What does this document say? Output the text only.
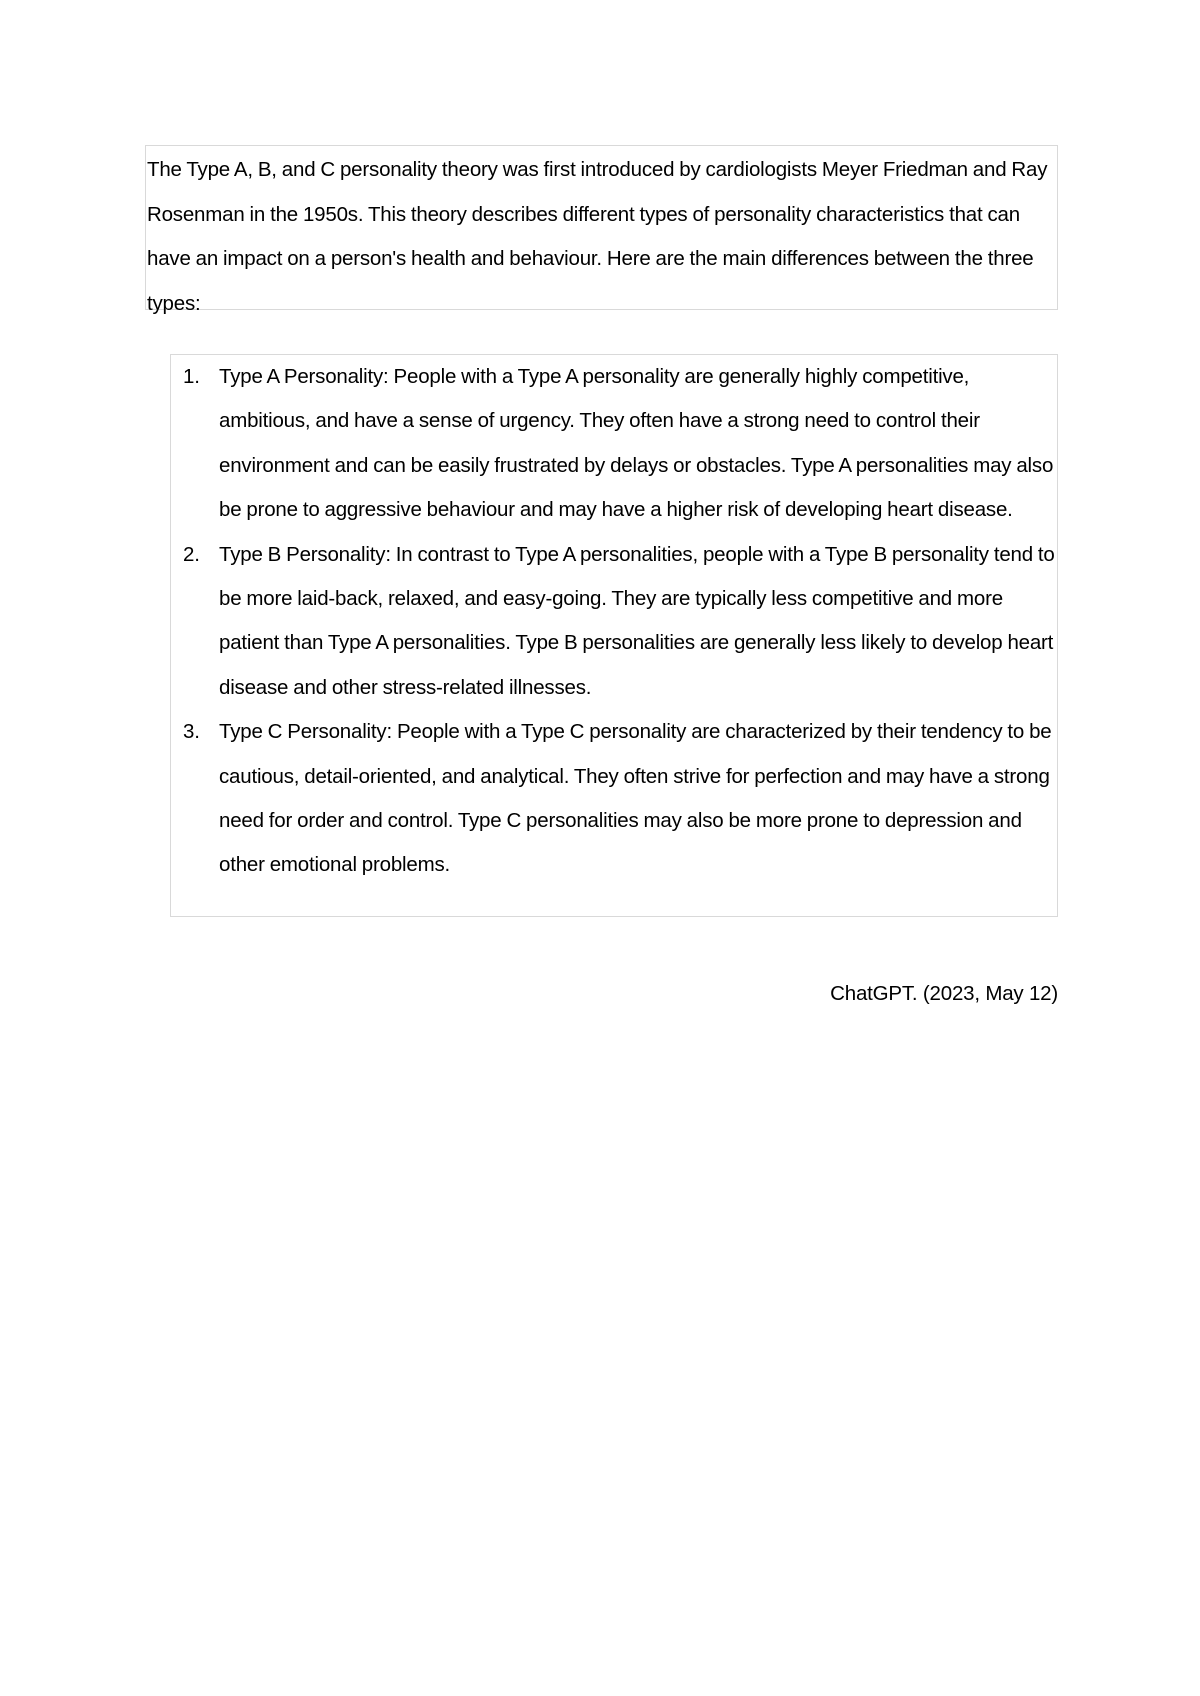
The Type A, B, and C personality theory was first introduced by cardiologists Meyer Friedman and Ray Rosenman in the 1950s. This theory describes different types of personality characteristics that can have an impact on a person's health and behaviour. Here are the main differences between the three types:
1. Type A Personality: People with a Type A personality are generally highly competitive, ambitious, and have a sense of urgency. They often have a strong need to control their environment and can be easily frustrated by delays or obstacles. Type A personalities may also be prone to aggressive behaviour and may have a higher risk of developing heart disease.
2. Type B Personality: In contrast to Type A personalities, people with a Type B personality tend to be more laid-back, relaxed, and easy-going. They are typically less competitive and more patient than Type A personalities. Type B personalities are generally less likely to develop heart disease and other stress-related illnesses.
3. Type C Personality: People with a Type C personality are characterized by their tendency to be cautious, detail-oriented, and analytical. They often strive for perfection and may have a strong need for order and control. Type C personalities may also be more prone to depression and other emotional problems.
ChatGPT. (2023, May 12)
